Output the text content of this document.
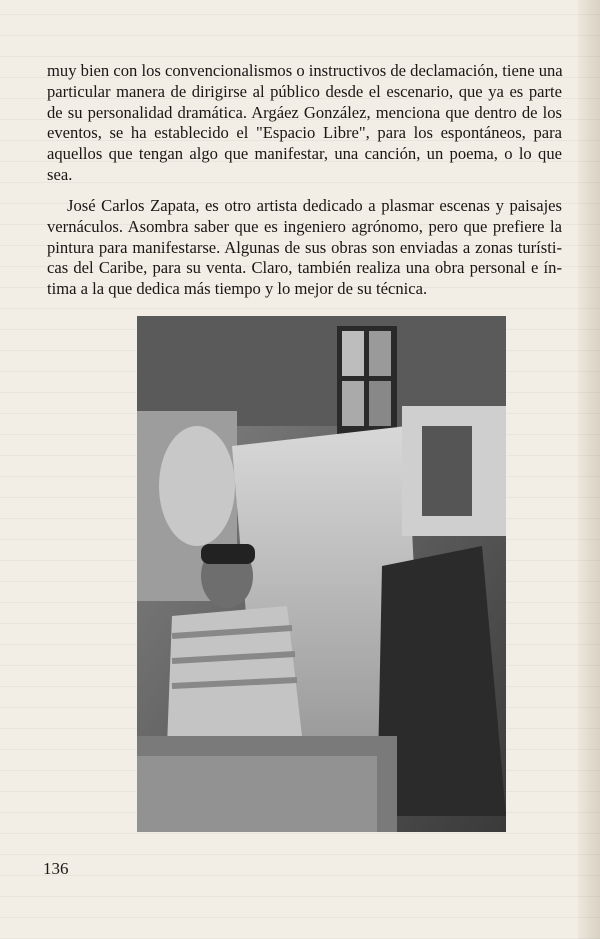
muy bien con los convencionalismos o instructivos de declamación, tiene una
particular manera de dirigirse al público desde el escenario, que ya es parte
de su personalidad dramática. Argáez González, menciona que dentro de los
eventos, se ha establecido el "Espacio Libre", para los espontáneos, para
aquellos que tengan algo que manifestar, una canción, un poema, o lo que
sea.
José Carlos Zapata, es otro artista dedicado a plasmar escenas y paisajes
vernáculos. Asombra saber que es ingeniero agrónomo, pero que prefiere la
pintura para manifestarse. Algunas de sus obras son enviadas a zonas turísti-
cas del Caribe, para su venta. Claro, también realiza una obra personal e ín-
tima a la que dedica más tiempo y lo mejor de su técnica.
136
